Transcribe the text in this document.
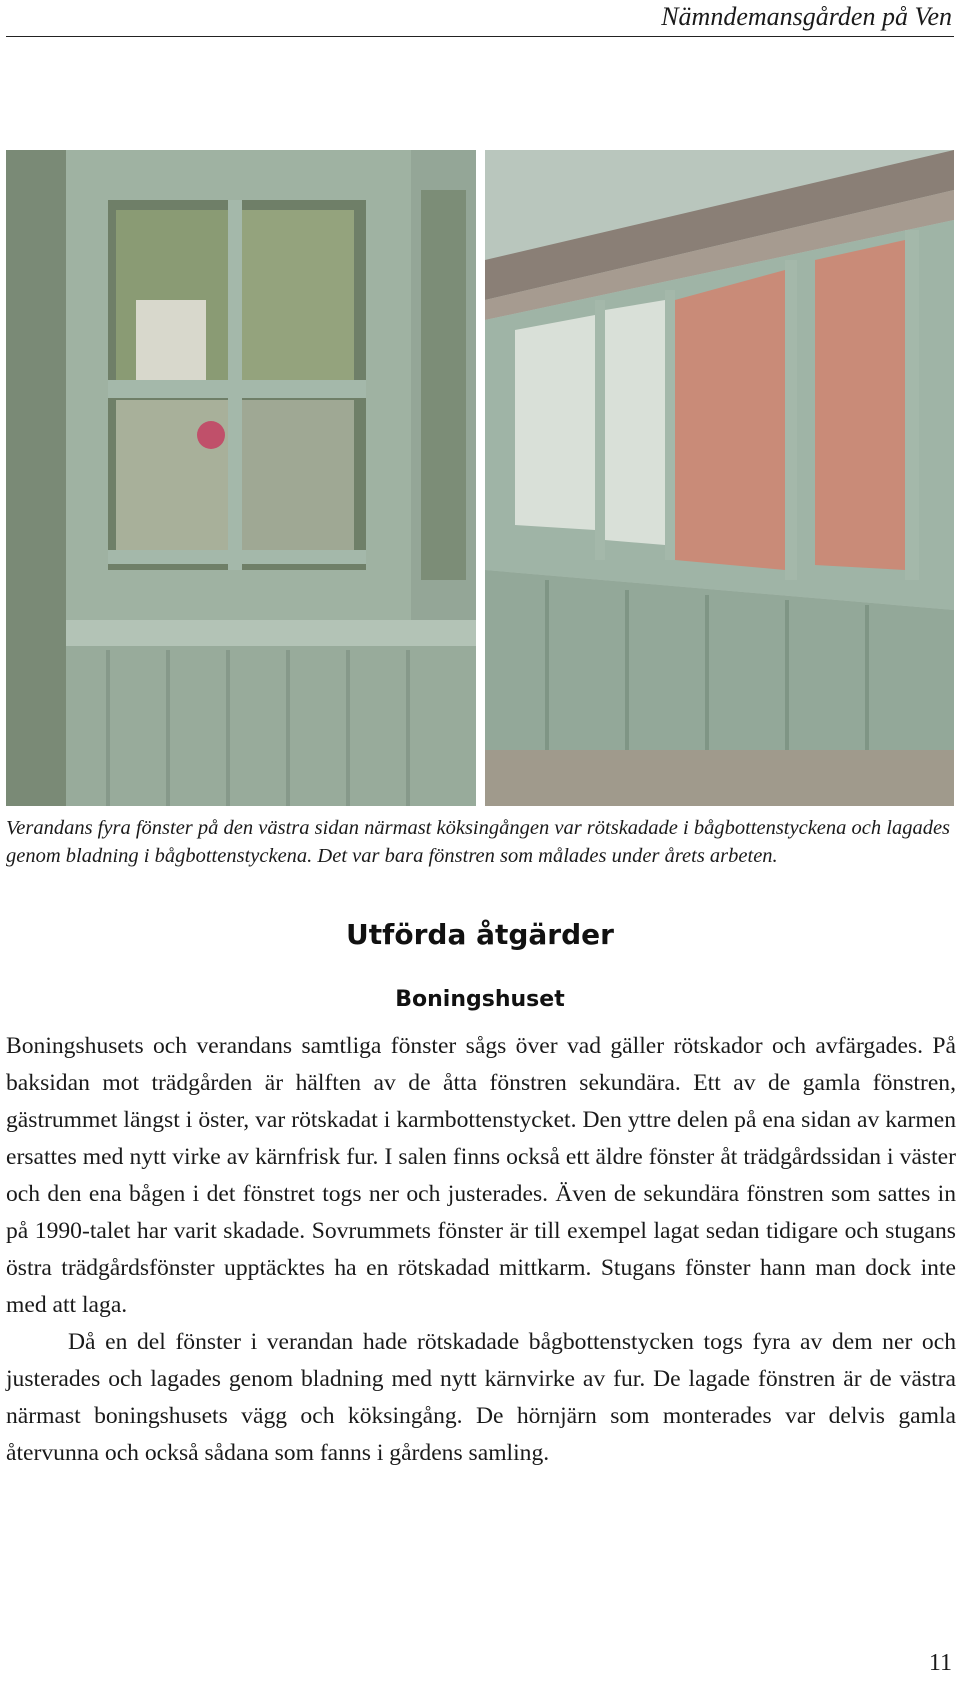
Nämndemansgården på Ven
Verandans fyra fönster på den västra sidan närmast köksingången var rötskadade i bågbottenstyckena och lagades genom bladning i bågbottenstyckena. Det var bara fönstren som målades under årets arbeten.
Utförda åtgärder
Boningshuset

Boningshusets och verandans samtliga fönster sågs över vad gäller rötskador och avfärgades. På baksidan mot trädgården är hälften av de åtta fönstren sekundära. Ett av de gamla fönstren, gästrummet längst i öster, var rötskadat i karmbottenstycket. Den yttre delen på ena sidan av karmen ersattes med nytt virke av kärnfrisk fur. I salen finns också ett äldre fönster åt trädgårdssidan i väster och den ena bågen i det fönstret togs ner och justerades. Även de sekundära fönstren som sattes in på 1990-talet har varit skadade. Sovrummets fönster är till exempel lagat sedan tidigare och stugans östra trädgårdsfönster upptäcktes ha en rötskadad mittkarm. Stugans fönster hann man dock inte med att laga.

Då en del fönster i verandan hade rötskadade bågbottenstycken togs fyra av dem ner och justerades och lagades genom bladning med nytt kärnvirke av fur. De lagade fönstren är de västra närmast boningshusets vägg och köksingång. De hörnjärn som monterades var delvis gamla återvunna och också sådana som fanns i gårdens samling.

11
